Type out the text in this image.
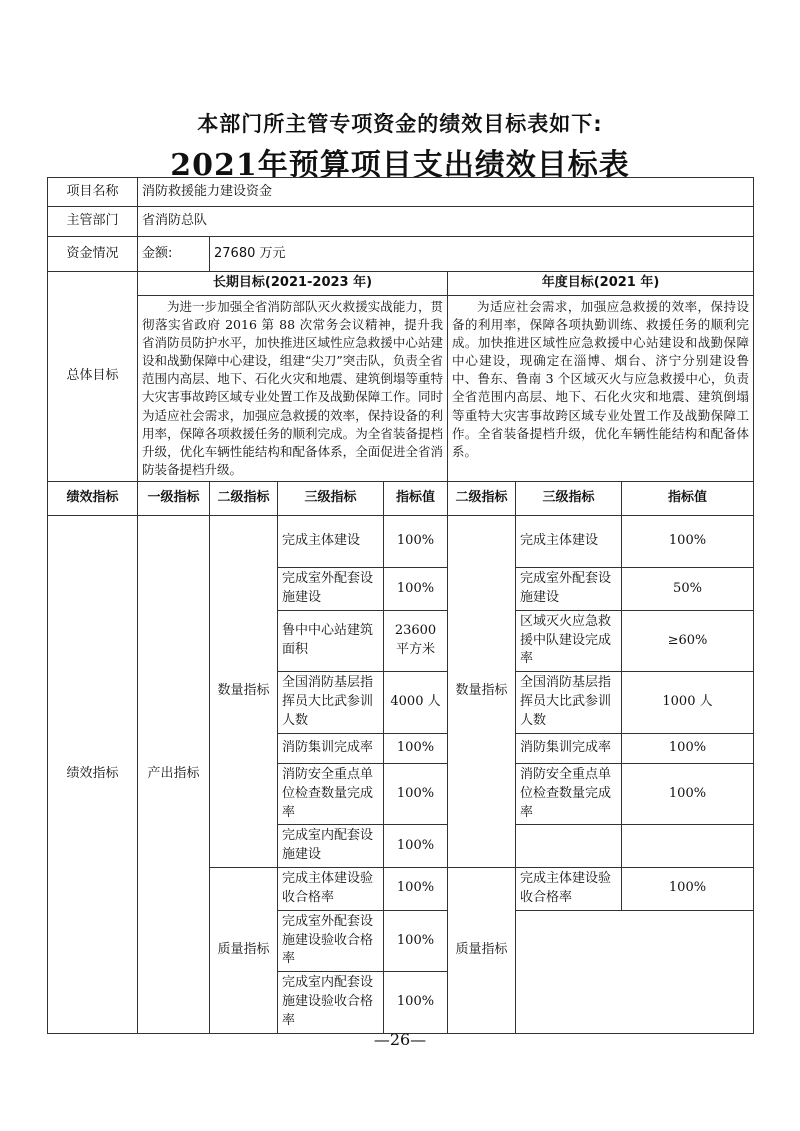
本部门所主管专项资金的绩效目标表如下:
2021年预算项目支出绩效目标表
项目名称	消防救援能力建设资金						
主管部门	省消防总队						
资金情况	金额:	27680 万元					
总体目标	长期目标(2021-2023 年)				年度目标(2021 年)		
	为进一步加强全省消防部队灭火救援实战能力，贯彻落实省政府 2016 第 88 次常务会议精神，提升我省消防员防护水平，加快推进区域性应急救援中心站建设和战勤保障中心建设，组建“尖刀”突击队，负责全省范围内高层、地下、石化火灾和地震、建筑倒塌等重特大灾害事故跨区域专业处置工作及战勤保障工作。同时为适应社会需求，加强应急救援的效率，保持设备的利用率，保障各项救援任务的顺利完成。为全省装备提档升级，优化车辆性能结构和配备体系，全面促进全省消防装备提档升级。				为适应社会需求，加强应急救援的效率，保持设备的利用率，保障各项执勤训练、救援任务的顺利完成。加快推进区域性应急救援中心站建设和战勤保障中心建设，现确定在淄博、烟台、济宁分别建设鲁中、鲁东、鲁南 3 个区域灭火与应急救援中心，负责全省范围内高层、地下、石化火灾和地震、建筑倒塌等重特大灾害事故跨区域专业处置工作及战勤保障工作。全省装备提档升级，优化车辆性能结构和配备体系。		
绩效指标	一级指标	二级指标	三级指标	指标值	二级指标	三级指标	指标值
绩效指标	产出指标	数量指标	完成主体建设	100%	数量指标	完成主体建设	100%
			完成室外配套设施建设	100%		完成室外配套设施建设	50%
			鲁中中心站建筑面积	23600 平方米		区域灭火应急救援中队建设完成率	≥60%
			全国消防基层指挥员大比武参训人数	4000 人		全国消防基层指挥员大比武参训人数	1000 人
			消防集训完成率	100%		消防集训完成率	100%
			消防安全重点单位检查数量完成率	100%		消防安全重点单位检查数量完成率	100%
			完成室内配套设施建设	100%			
		质量指标	完成主体建设验收合格率	100%	质量指标	完成主体建设验收合格率	100%
			完成室外配套设施建设验收合格率	100%			
			完成室内配套设施建设验收合格率	100%			
—26—
